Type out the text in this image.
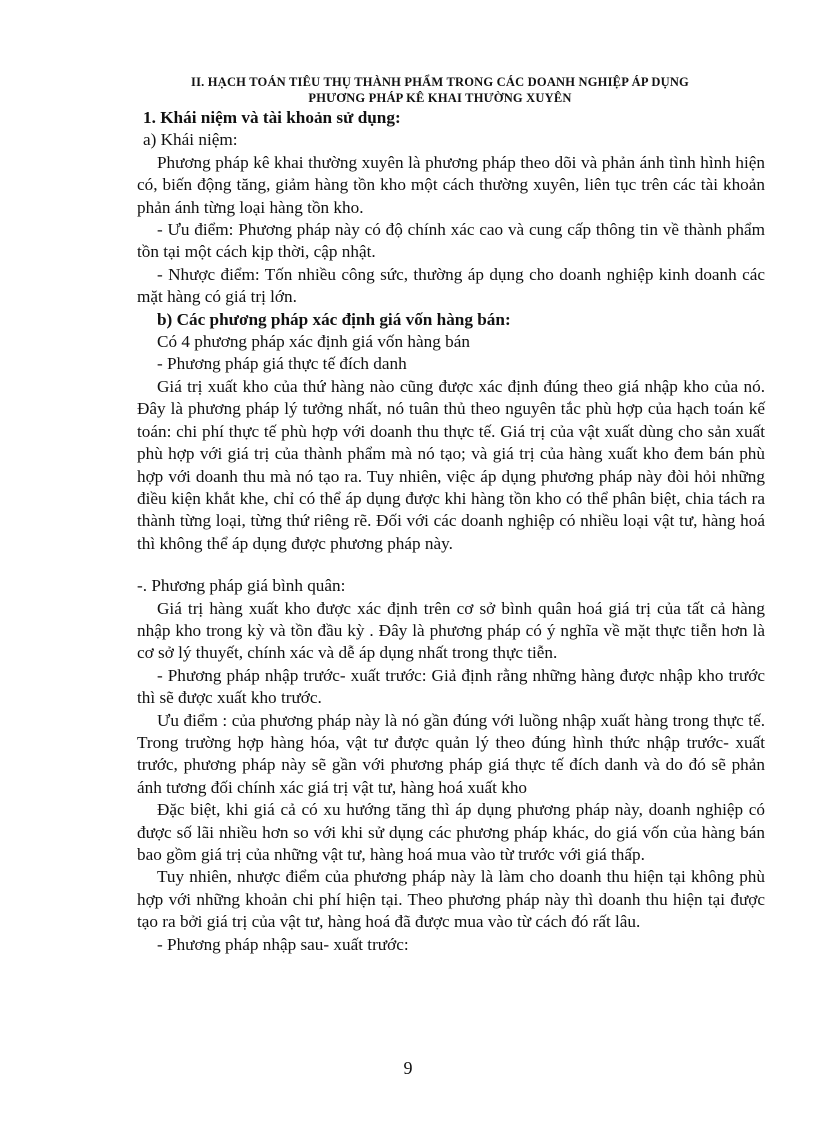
II. HẠCH TOÁN TIÊU THỤ THÀNH PHẨM TRONG CÁC DOANH NGHIỆP ÁP DỤNG
PHƯƠNG PHÁP KÊ KHAI THƯỜNG XUYÊN

1. Khái niệm và tài khoản sử dụng:

a) Khái niệm:

Phương pháp kê khai thường xuyên là phương pháp theo dõi và phản ánh tình hình hiện có, biến động tăng, giảm hàng tồn kho một cách thường xuyên, liên tục trên các tài khoản phản ánh từng loại hàng tồn kho.

- Ưu điểm: Phương pháp này có độ chính xác cao và cung cấp thông tin về thành phẩm tồn tại một cách kịp thời, cập nhật.

- Nhược điểm: Tốn nhiều công sức, thường áp dụng cho doanh nghiệp kinh doanh các mặt hàng có giá trị lớn.

b) Các phương pháp xác định giá vốn hàng bán:

Có 4 phương pháp xác định giá vốn hàng bán

- Phương pháp giá thực tế đích danh

Giá trị xuất kho của thứ hàng nào cũng được xác định đúng theo giá nhập kho của nó. Đây là phương pháp lý tưởng nhất, nó tuân thủ theo nguyên tắc phù hợp của hạch toán kế toán: chi phí thực tế phù hợp với doanh thu thực tế. Giá trị của vật xuất dùng cho sản xuất phù hợp với giá trị của thành phẩm mà nó tạo; và giá trị của hàng xuất kho đem bán phù hợp với doanh thu mà nó tạo ra. Tuy nhiên, việc áp dụng phương pháp này đòi hỏi những điều kiện khắt khe, chỉ có thể áp dụng được khi hàng tồn kho có thể phân biệt, chia tách ra thành từng loại, từng thứ riêng rẽ. Đối với các doanh nghiệp có nhiều loại vật tư, hàng hoá thì không thể áp dụng được phương pháp này.

-. Phương pháp giá bình quân:

Giá trị hàng xuất kho được xác định trên cơ sở bình quân hoá giá trị của tất cả hàng nhập kho trong kỳ và tồn đầu kỳ . Đây là phương pháp có ý nghĩa về mặt thực tiễn hơn là cơ sở lý thuyết, chính xác và dễ áp dụng nhất trong thực tiễn.

- Phương pháp nhập trước- xuất trước: Giả định rằng những hàng được nhập kho trước thì sẽ được xuất kho trước.

Ưu điểm : của phương pháp này là nó gần đúng với luồng nhập xuất hàng trong thực tế. Trong trường hợp hàng hóa, vật tư được quản lý theo đúng hình thức nhập trước- xuất trước, phương pháp này sẽ gần với phương pháp giá thực tế đích danh và do đó sẽ phản ánh tương đối chính xác giá trị vật tư, hàng hoá xuất kho

Đặc biệt, khi giá cả có xu hướng tăng thì áp dụng phương pháp này, doanh nghiệp có được số lãi nhiều hơn so với khi sử dụng các phương pháp khác, do giá vốn của hàng bán bao gồm giá trị của những vật tư, hàng hoá mua vào từ trước với giá thấp.

Tuy nhiên, nhược điểm của phương pháp này là làm cho doanh thu hiện tại không phù hợp với những khoản chi phí hiện tại. Theo phương pháp này thì doanh thu hiện tại được tạo ra bởi giá trị của vật tư, hàng hoá đã được mua vào từ cách đó rất lâu.

- Phương pháp nhập sau- xuất trước:

9
